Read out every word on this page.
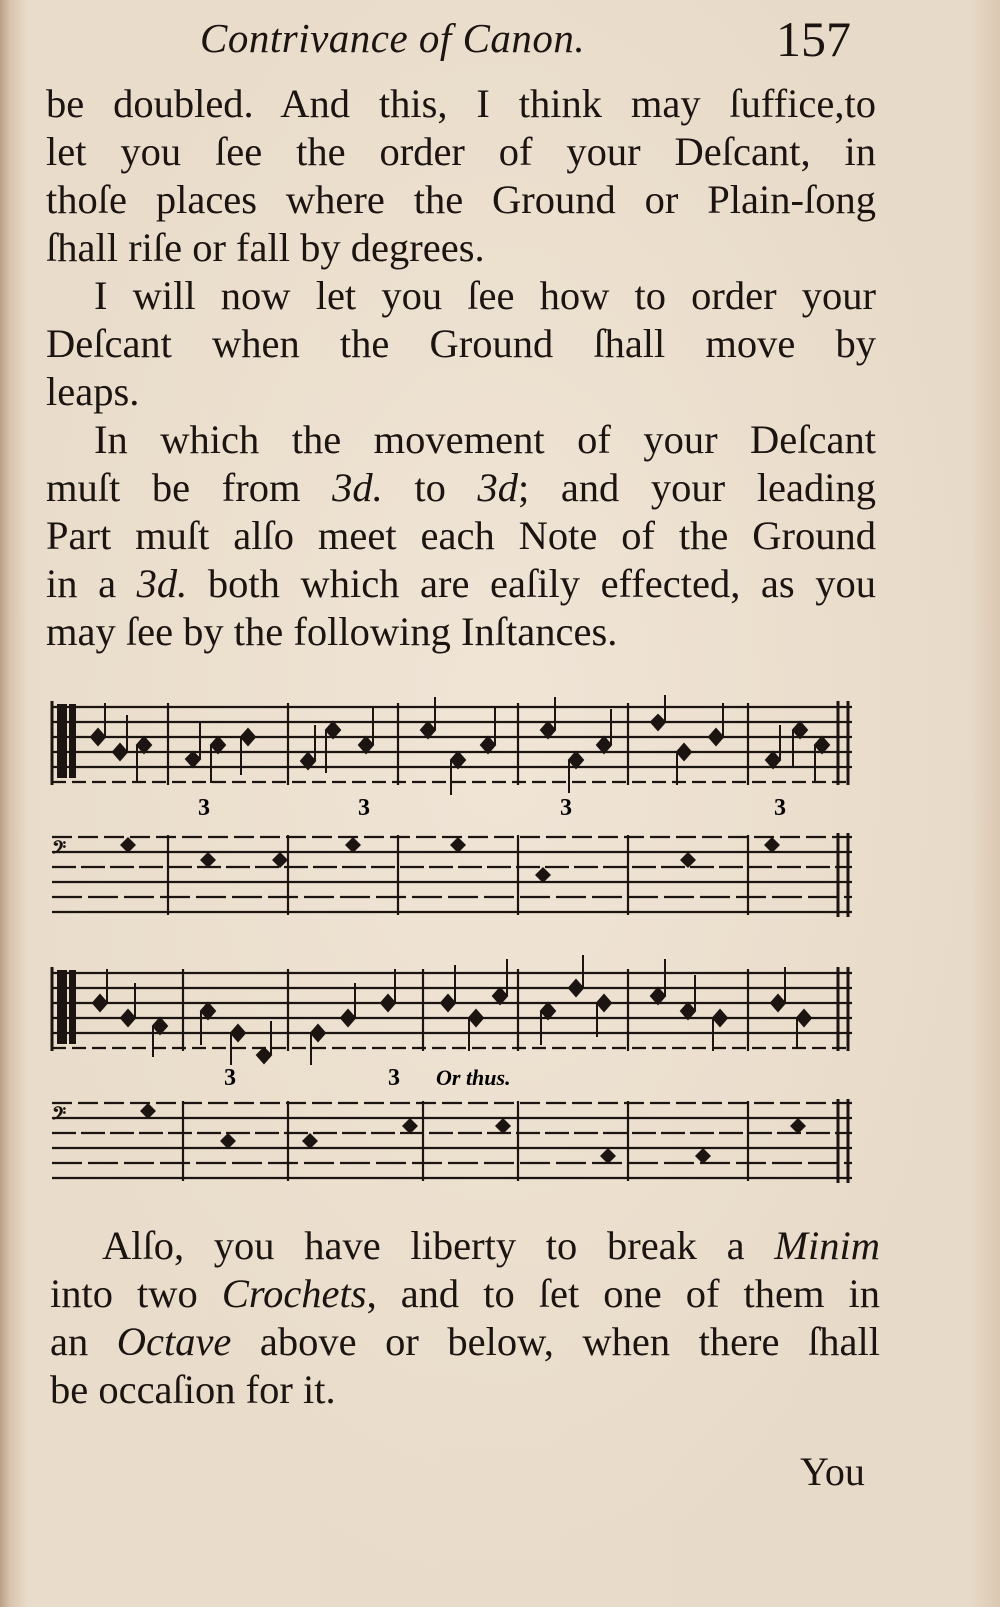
Contrivance of Canon.	157
be doubled. And this, I think may ſuffice,to
let you ſee the order of your Deſcant, in
thoſe places where the Ground or Plain-ſong
ſhall riſe or fall by degrees.
I will now let you ſee how to order your
Deſcant when the Ground ſhall move by
leaps.
In which the movement of your Deſcant
muſt be from 3d. to 3d; and your leading
Part muſt alſo meet each Note of the Ground
in a 3d. both which are eaſily effected, as you
may ſee by the following Inſtances.
3	3	3	3
𝄢
3	3 Or thus.
𝄢
Alſo, you have liberty to break a Minim
into two Crochets, and to ſet one of them in
an Octave above or below, when there ſhall
be occaſion for it.
You
